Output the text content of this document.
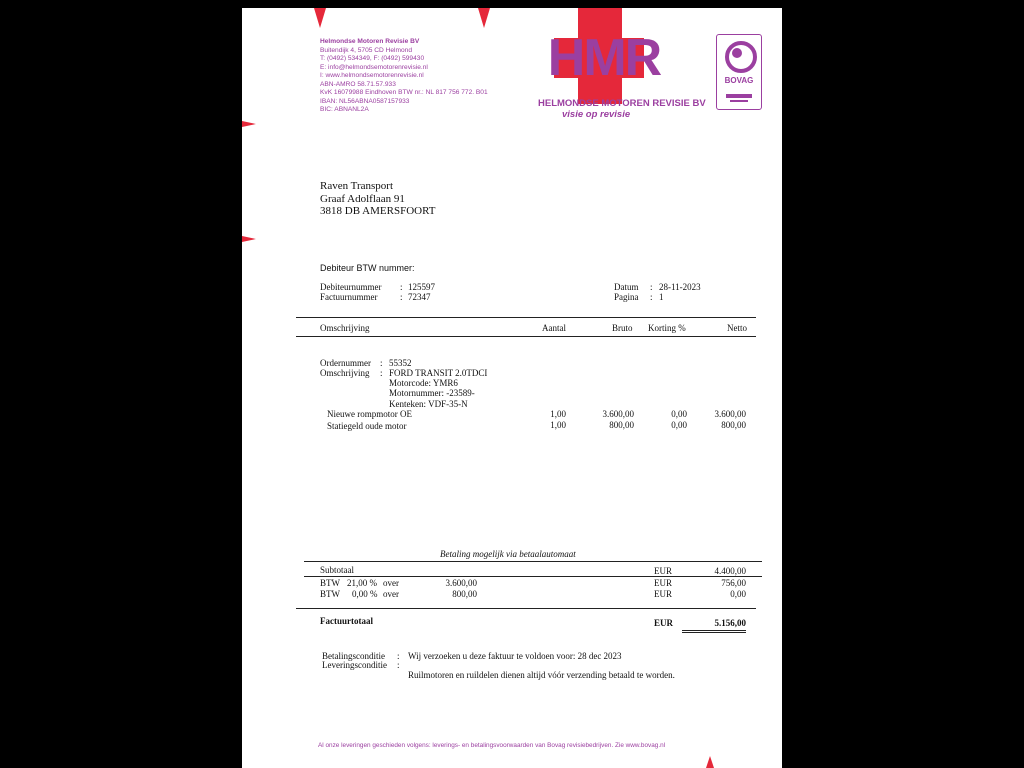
Helmondse Motoren Revisie BV
Buitendijk 4, 5705 CD Helmond
T: (0492) 534349, F: (0492) 599430
E: info@helmondsemotorenrevisie.nl
I: www.helmondsemotorenrevisie.nl
ABN-AMRO 58.71.57.933
KvK 16079988 Eindhoven BTW nr.: NL 817 756 772. B01
IBAN: NL56ABNA0587157933
BIC: ABNANL2A
HMR
HELMONDSE MOTOREN REVISIE BV
visie op revisie
BOVAG
Raven Transport
Graaf Adolflaan 91
3818 DB AMERSFOORT
Debiteur BTW nummer:
Debiteurnummer : 125597
Factuurnummer	: 72347
Datum : 28-11-2023
Pagina : 1
Omschrijving	Aantal	Bruto Korting %	Netto
Ordernummer : 55352
Omschrijving : FORD TRANSIT 2.0TDCI
Motorcode: YMR6
Motornummer: -23589-
Kenteken: VDF-35-N
Nieuwe rompmotor OE	1,00	3.600,00	0,00	3.600,00
Statiegeld oude motor	1,00	800,00	0,00	800,00
Betaling mogelijk via betaalautomaat
Subtotaal	EUR	4.400,00
BTW 21,00 % over	3.600,00	EUR	756,00
BTW 0,00 % over	800,00	EUR	0,00
Factuurtotaal	EUR	5.156,00
Betalingsconditie : Wij verzoeken u deze faktuur te voldoen voor: 28 dec 2023
Leveringsconditie :
Ruilmotoren en ruildelen dienen altijd vóór verzending betaald te worden.
Al onze leveringen geschieden volgens: leverings- en betalingsvoorwaarden van Bovag revisiebedrijven. Zie www.bovag.nl
